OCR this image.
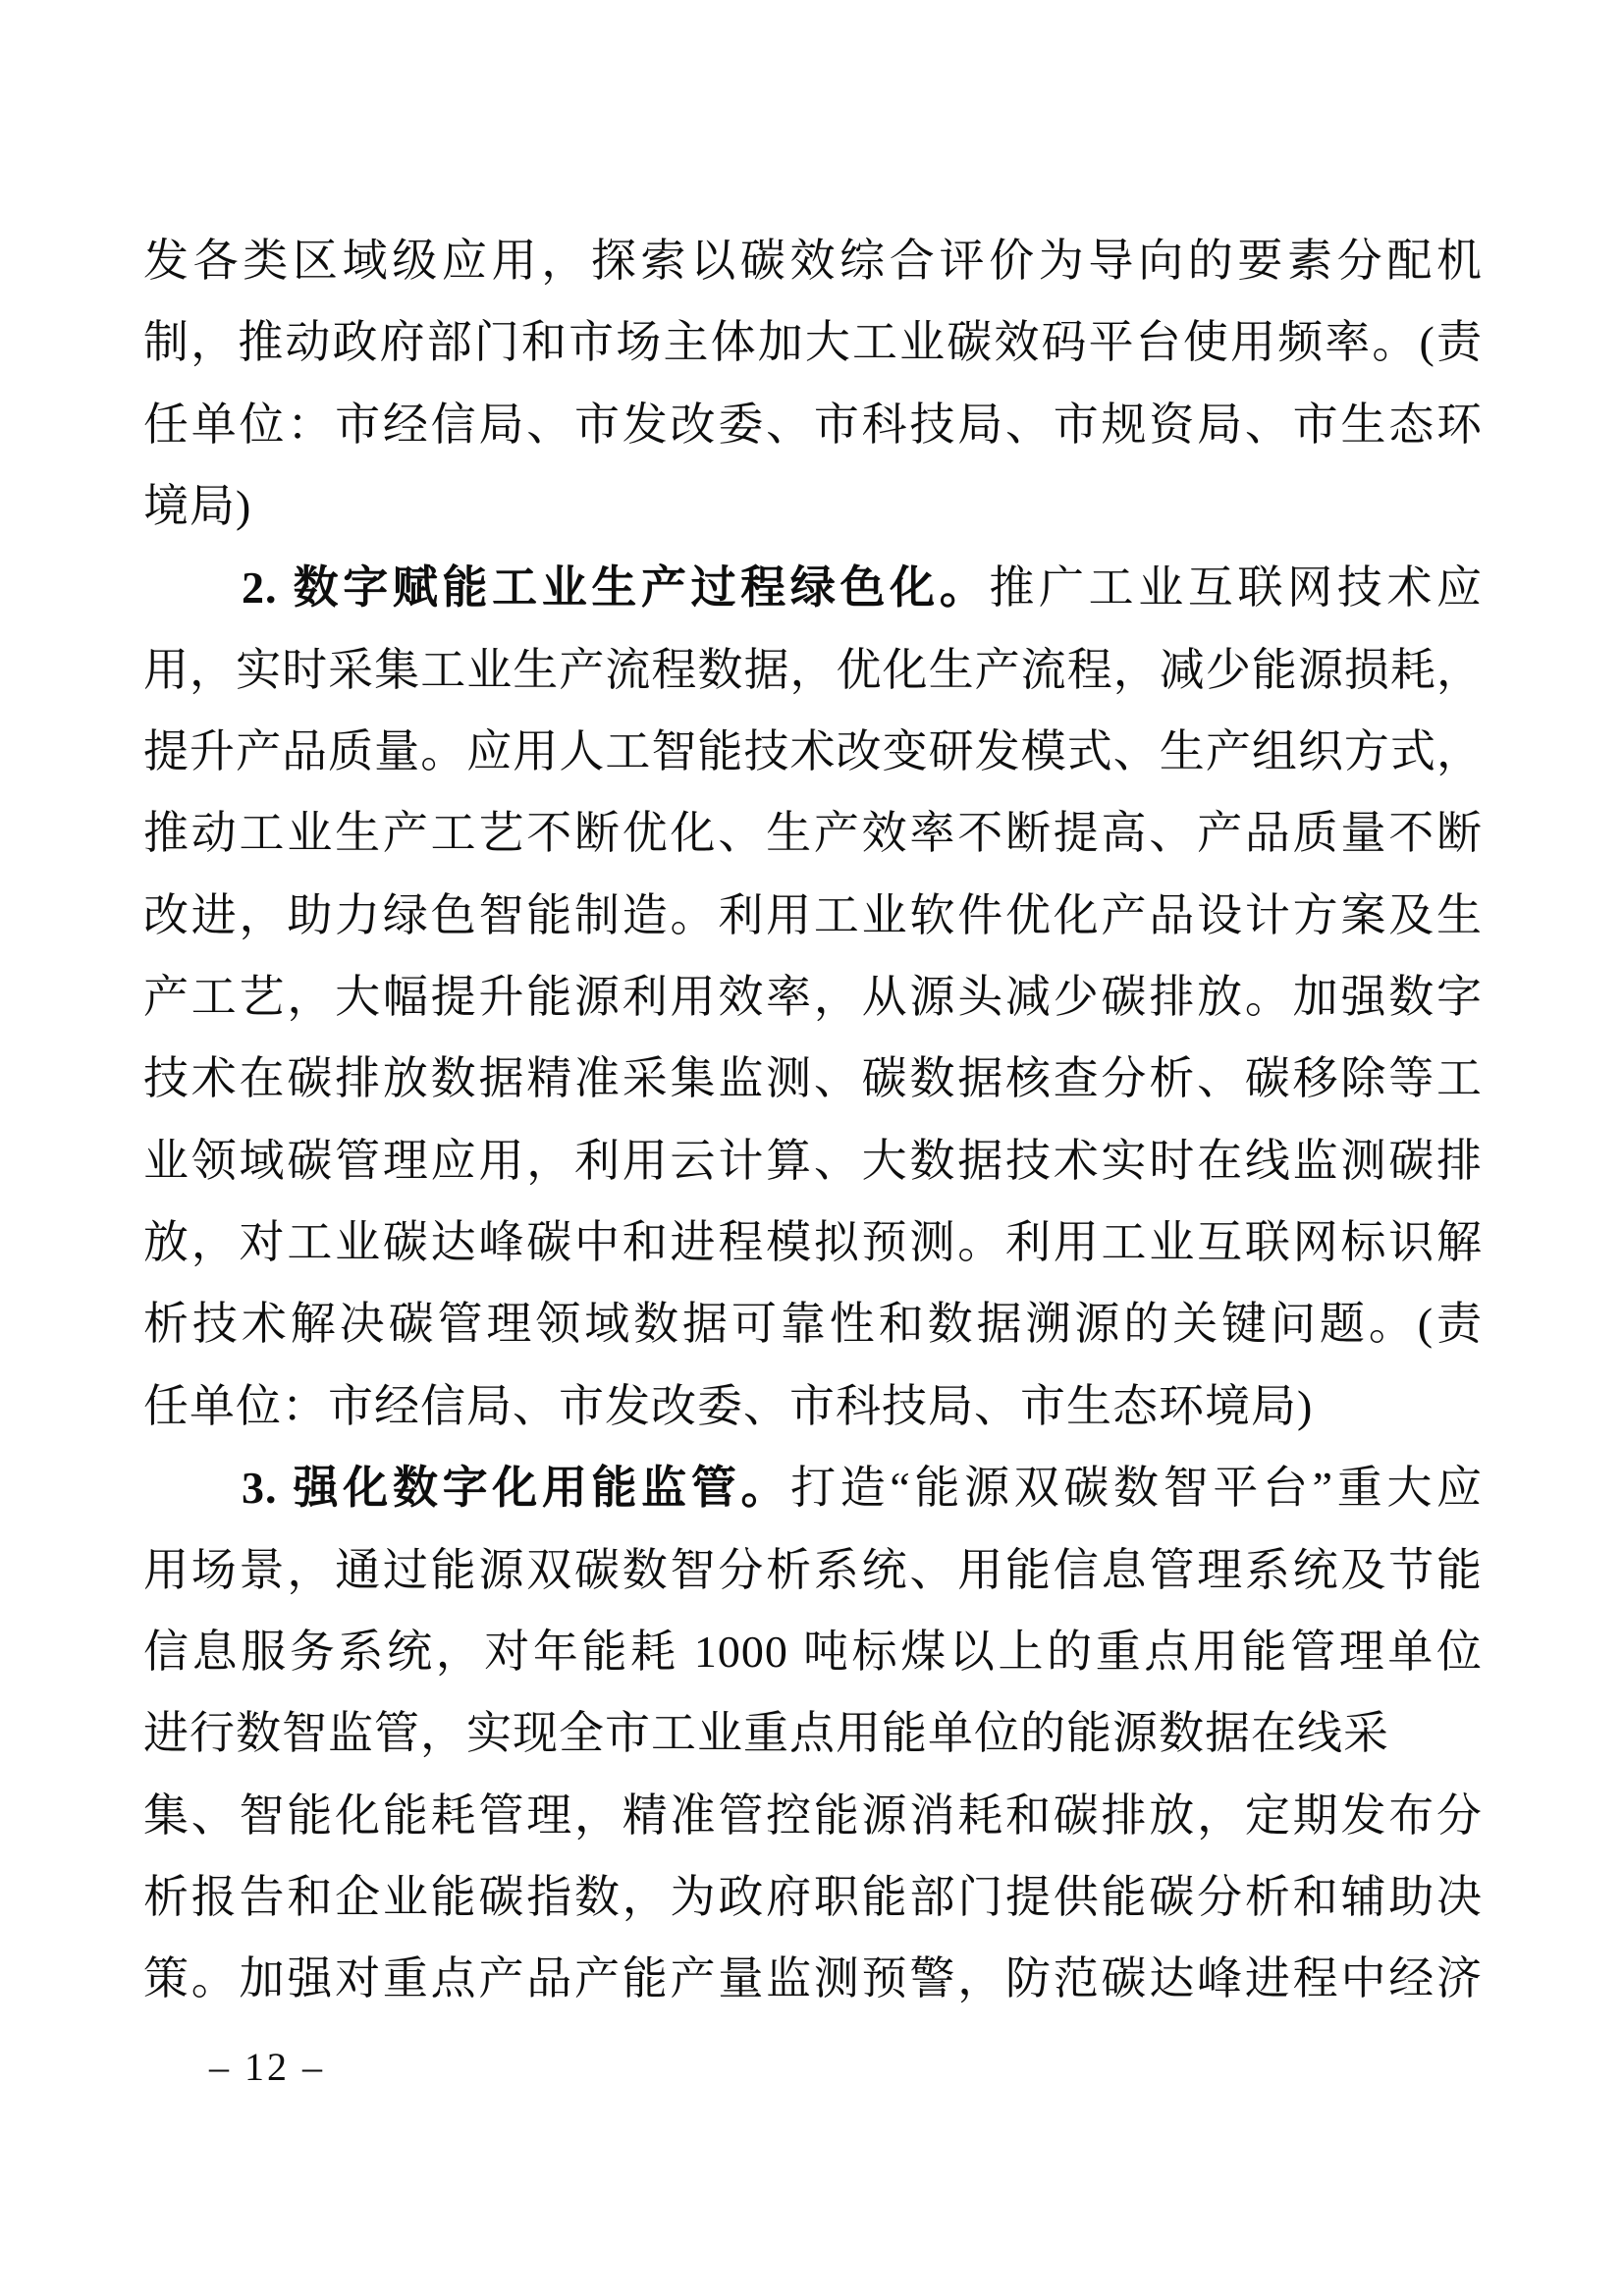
发各类区域级应用，探索以碳效综合评价为导向的要素分配机
制，推动政府部门和市场主体加大工业碳效码平台使用频率。(责
任单位：市经信局、市发改委、市科技局、市规资局、市生态环
境局)
2. 数字赋能工业生产过程绿色化。推广工业互联网技术应
用，实时采集工业生产流程数据，优化生产流程，减少能源损耗，
提升产品质量。应用人工智能技术改变研发模式、生产组织方式，
推动工业生产工艺不断优化、生产效率不断提高、产品质量不断
改进，助力绿色智能制造。利用工业软件优化产品设计方案及生
产工艺，大幅提升能源利用效率，从源头减少碳排放。加强数字
技术在碳排放数据精准采集监测、碳数据核查分析、碳移除等工
业领域碳管理应用，利用云计算、大数据技术实时在线监测碳排
放，对工业碳达峰碳中和进程模拟预测。利用工业互联网标识解
析技术解决碳管理领域数据可靠性和数据溯源的关键问题。(责
任单位：市经信局、市发改委、市科技局、市生态环境局)
3. 强化数字化用能监管。打造“能源双碳数智平台”重大应
用场景，通过能源双碳数智分析系统、用能信息管理系统及节能
信息服务系统，对年能耗 1000 吨标煤以上的重点用能管理单位
进行数智监管，实现全市工业重点用能单位的能源数据在线采
集、智能化能耗管理，精准管控能源消耗和碳排放，定期发布分
析报告和企业能碳指数，为政府职能部门提供能碳分析和辅助决
策。加强对重点产品产能产量监测预警，防范碳达峰进程中经济
– 12 –
